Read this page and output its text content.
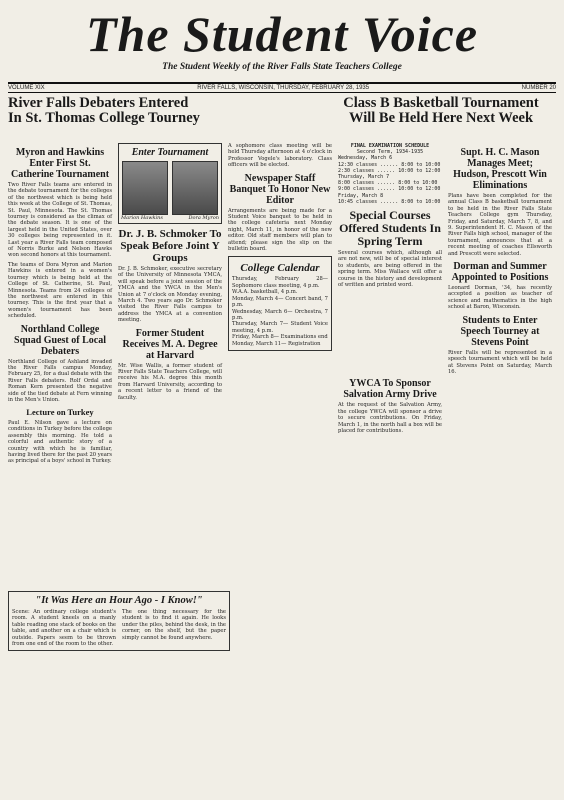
The Student Voice
The Student Weekly of the River Falls State Teachers College
VOLUME XIX	RIVER FALLS, WISCONSIN, THURSDAY, FEBRUARY 28, 1935	NUMBER 20
River Falls Debaters Entered
In St. Thomas College Tourney
Class B Basketball Tournament
Will Be Held Here Next Week
Myron and Hawkins Enter First St. Catherine Tournament
Two River Falls teams are entered in the debate tournament for the colleges of the northwest which is being held this week at the College of St. Thomas, St. Paul, Minnesota. The St. Thomas tourney is considered as the climax of the debate season. It is one of the largest held in the United States, over 30 colleges being represented in it. Last year a River Falls team composed of Norris Burke and Nelson Hawks won second honors at this tournament.
The teams of Dora Myron and Marion Hawkins is entered in a women's tourney which is being held at the College of St. Catherine, St. Paul, Minnesota. Teams from 24 colleges of the northwest are entered in this tourney. This is the first year that a women's tournament has been scheduled.
Northland College Squad Guest of Local Debaters
Northland College of Ashland invaded the River Falls campus Monday, February 25, for a dual debate with the River Falls debaters. Rolf Ordal and Roman Kern presented the negative side of the tied debate at Fern winning in the Men's Union.
Lecture on Turkey
Paul E. Nilson gave a lecture on conditions in Turkey before the college assembly this morning. He told a colorful and authentic story of a country with which he is familiar, having lived there for the past 20 years as principal of a boys' school in Turkey.
Enter Tournament
Marion Hawkins	Dora Myron
Dr. J. B. Schmoker To Speak Before Joint Y Groups
Dr. J. B. Schmoker, executive secretary of the University of Minnesota YMCA, will speak before a joint session of the YMCA and the YWCA in the Men's Union at 7 o'clock on Monday evening, March 4. Two years ago Dr. Schmoker visited the River Falls campus to address the YMCA at a convention meeting.
Former Student Receives M. A. Degree at Harvard
Mr. Wise Wallis, a former student of River Falls State Teachers College, will receive his M.A. degree this month from Harvard University, according to a recent letter to a friend of the faculty.
A sophomore class meeting will be held Thursday afternoon at 4 o'clock in Professor Vogele's laboratory. Class officers will be elected.
Newspaper Staff Banquet To Honor New Editor
Arrangements are being made for a Student Voice banquet to be held in the college cafeteria next Monday night, March 11, in honor of the new editor. Old staff members will plan to attend; please sign the slip on the bulletin board.
College Calendar
Thursday, February 28— Sophomore class meeting, 4 p.m.
W.A.A. basketball, 4 p.m.
Monday, March 4— Concert band, 7 p.m.
Wednesday, March 6— Orchestra, 7 p.m.
Thursday, March 7— Student Voice meeting, 4 p.m.
Friday, March 8— Examinations end
Monday, March 11— Registration
FINAL EXAMINATION SCHEDULE
Second Term, 1934-1935
Wednesday, March 6
12:30 classes ...... 8:00 to 10:00
2:30 classes ...... 10:00 to 12:00
Thursday, March 7
8:00 classes ...... 8:00 to 10:00
9:00 classes ...... 10:00 to 12:00
Friday, March 8
10:45 classes ...... 8:00 to 10:00
Special Courses Offered Students In Spring Term
Several courses which, although all are not new, will be of special interest to students, are being offered in the spring term. Miss Wallace will offer a course in the history and development of written and printed word.
YWCA To Sponsor Salvation Army Drive
At the request of the Salvation Army, the college YWCA will sponsor a drive to secure contributions. On Friday, March 1, in the north hall a box will be placed for contributions.
Supt. H. C. Mason Manages Meet; Hudson, Prescott Win Eliminations
Plans have been completed for the annual Class B basketball tournament to be held in the River Falls State Teachers College gym Thursday, Friday, and Saturday, March 7, 8, and 9. Superintendent H. C. Mason of the River Falls high school, manager of the tournament, announces that at a recent meeting of coaches Ellsworth and Prescott were selected.
Dorman and Summer Appointed to Positions
Leonard Dorman, '34, has recently accepted a position as teacher of science and mathematics in the high school at Baron, Wisconsin.
Students to Enter Speech Tourney at Stevens Point
River Falls will be represented in a speech tournament which will be held at Stevens Point on Saturday, March 16.
"It Was Here an Hour Ago - I Know!"
Scene: An ordinary college student's room. A student kneels on a manly table reading one stack of books on the table, and another on a chair which is outside. Papers seem to be thrown from one end of the room to the other.
The one thing necessary for the student is to find it again. He looks under the piles, behind the desk, in the corner, on the shelf, but the paper simply cannot be found anywhere.
